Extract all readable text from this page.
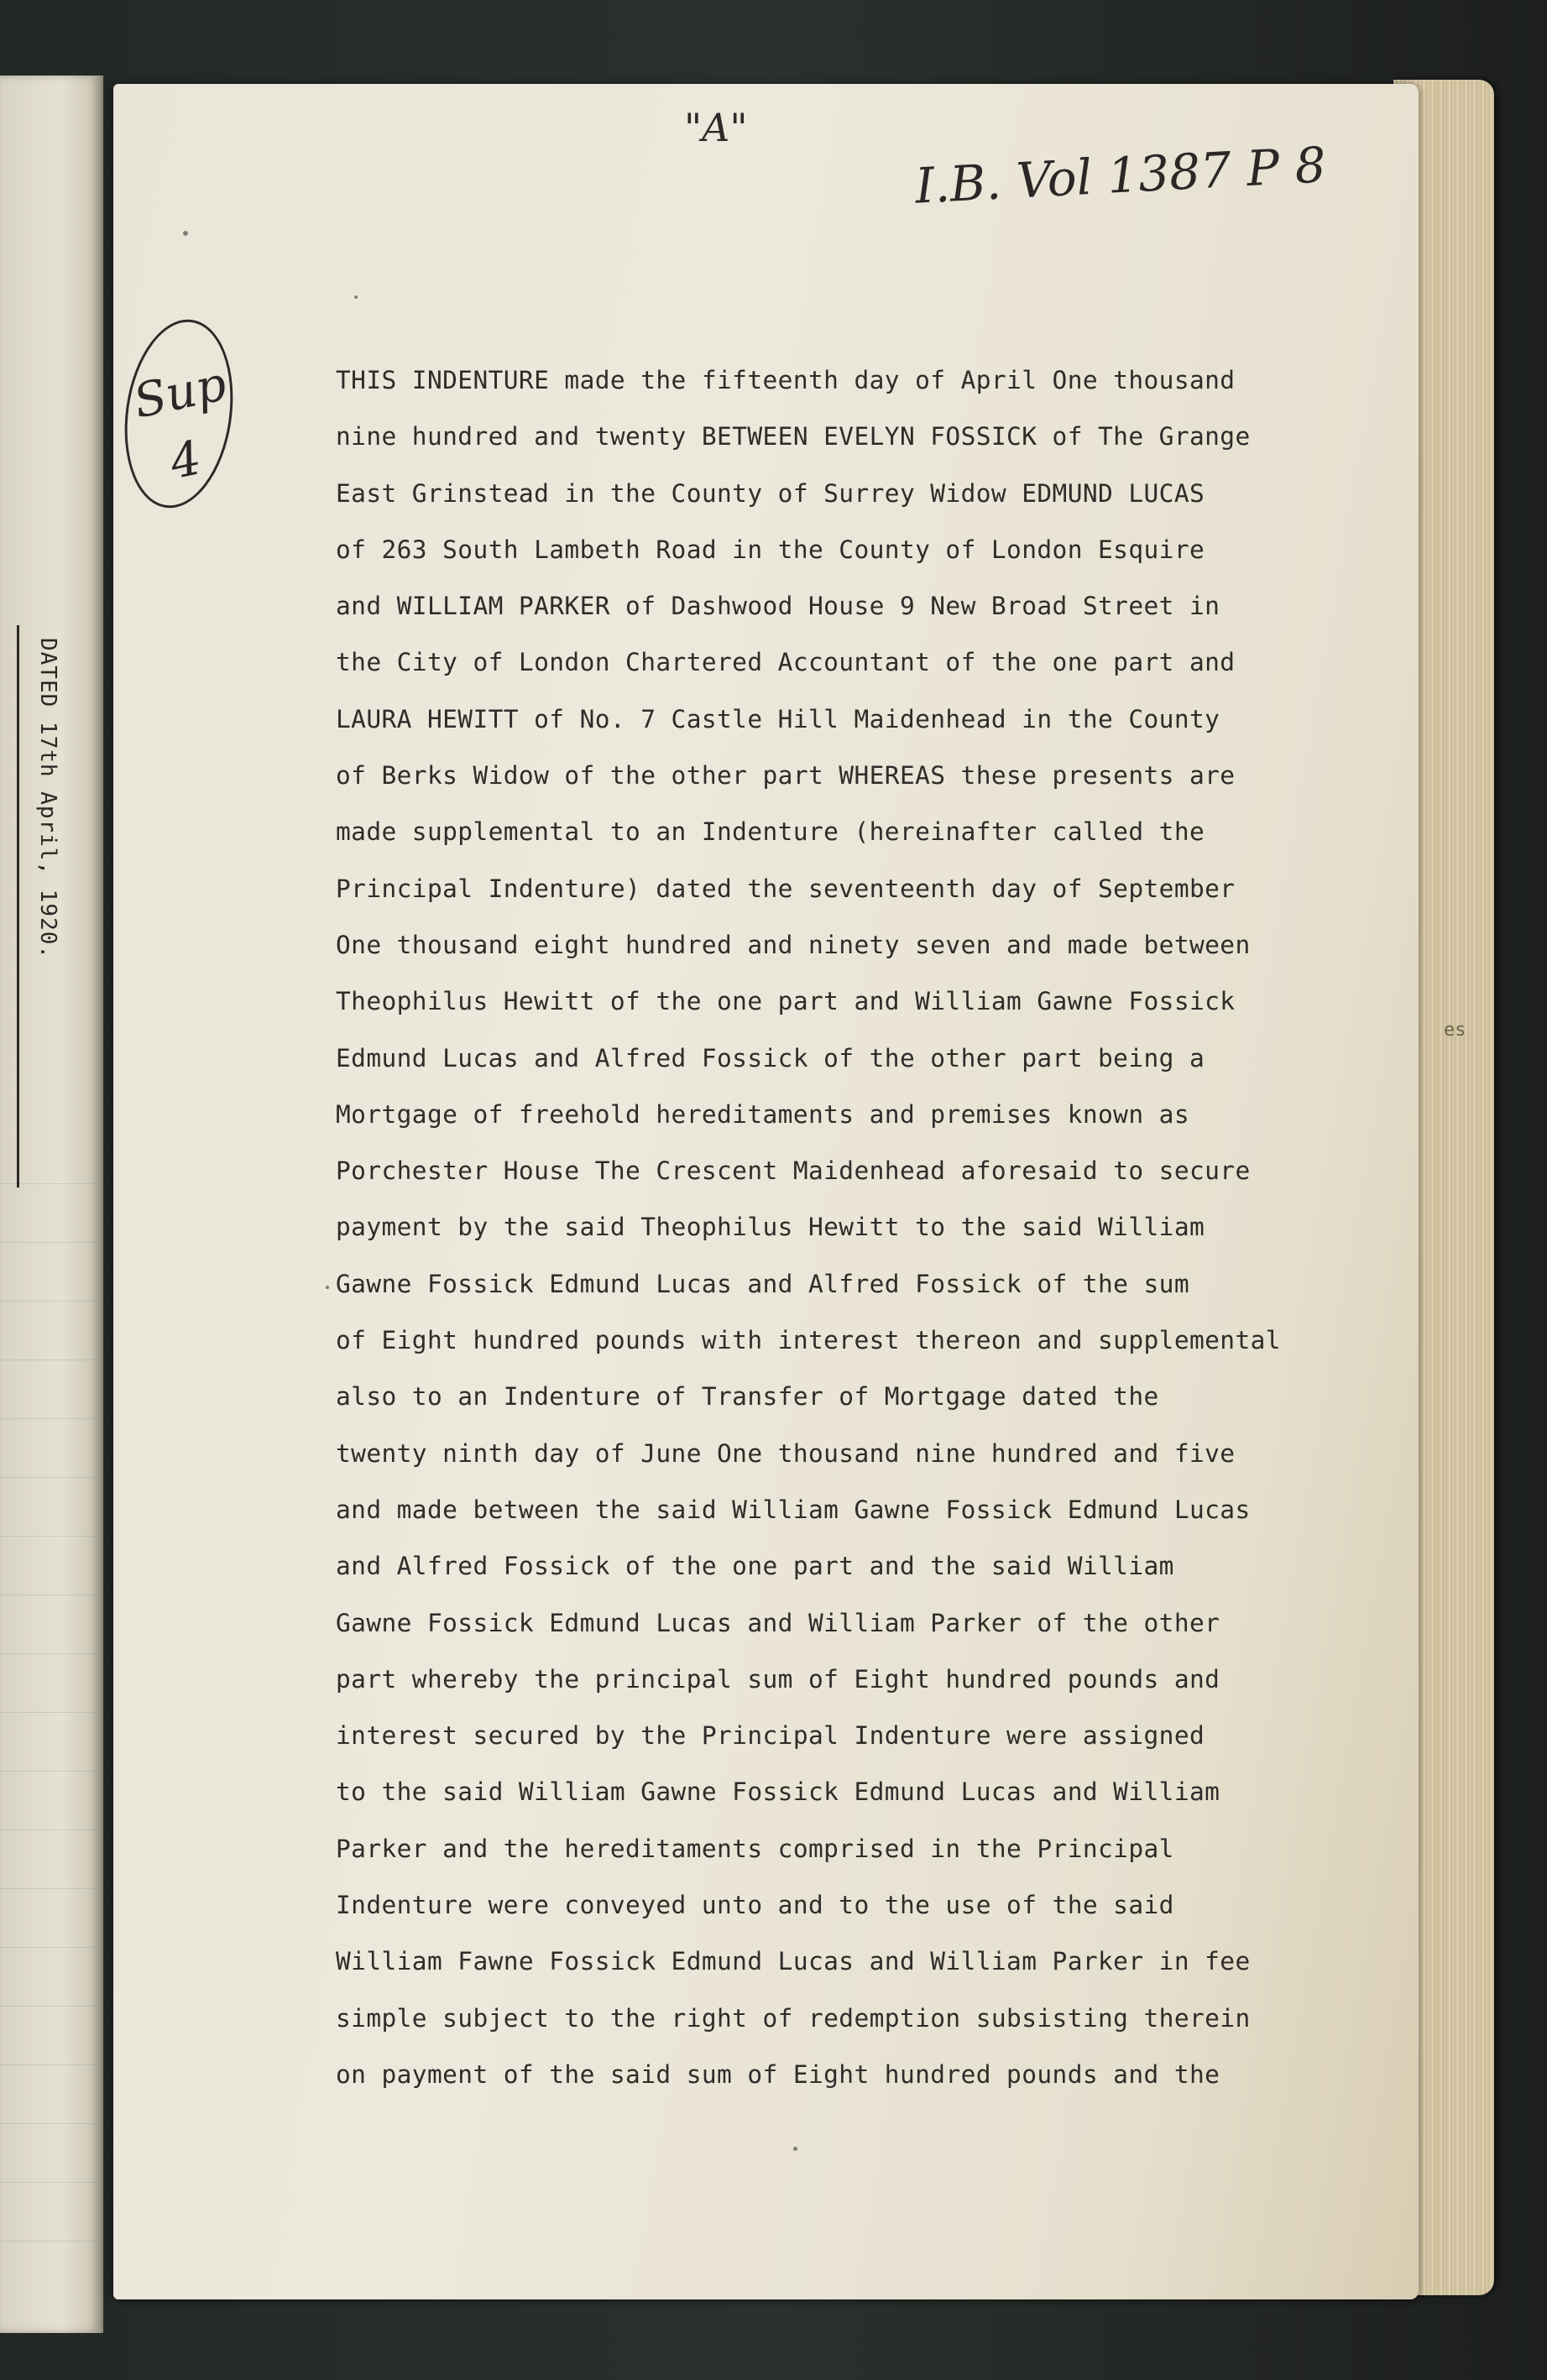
DATED 17th April, 1920.
es
"A"
I.B. Vol 1387 P 8
Sup
4
THIS INDENTURE made the fifteenth day of April One thousand
nine hundred and twenty BETWEEN EVELYN FOSSICK of The Grange
East Grinstead in the County of Surrey Widow EDMUND LUCAS
of 263 South Lambeth Road in the County of London Esquire
and WILLIAM PARKER of Dashwood House 9 New Broad Street in
the City of London Chartered Accountant of the one part and
LAURA HEWITT of No. 7 Castle Hill Maidenhead in the County
of Berks Widow of the other part WHEREAS these presents are
made supplemental to an Indenture (hereinafter called the
Principal Indenture) dated the seventeenth day of September
One thousand eight hundred and ninety seven and made between
Theophilus Hewitt of the one part and William Gawne Fossick
Edmund Lucas and Alfred Fossick of the other part being a
Mortgage of freehold hereditaments and premises known as
Porchester House The Crescent Maidenhead aforesaid to secure
payment by the said Theophilus Hewitt to the said William
Gawne Fossick Edmund Lucas and Alfred Fossick of the sum
of Eight hundred pounds with interest thereon and supplemental
also to an Indenture of Transfer of Mortgage dated the
twenty ninth day of June One thousand nine hundred and five
and made between the said William Gawne Fossick Edmund Lucas
and Alfred Fossick of the one part and the said William
Gawne Fossick Edmund Lucas and William Parker of the other
part whereby the principal sum of Eight hundred pounds and
interest secured by the Principal Indenture were assigned
to the said William Gawne Fossick Edmund Lucas and William
Parker and the hereditaments comprised in the Principal
Indenture were conveyed unto and to the use of the said
William Fawne Fossick Edmund Lucas and William Parker in fee
simple subject to the right of redemption subsisting therein
on payment of the said sum of Eight hundred pounds and the
